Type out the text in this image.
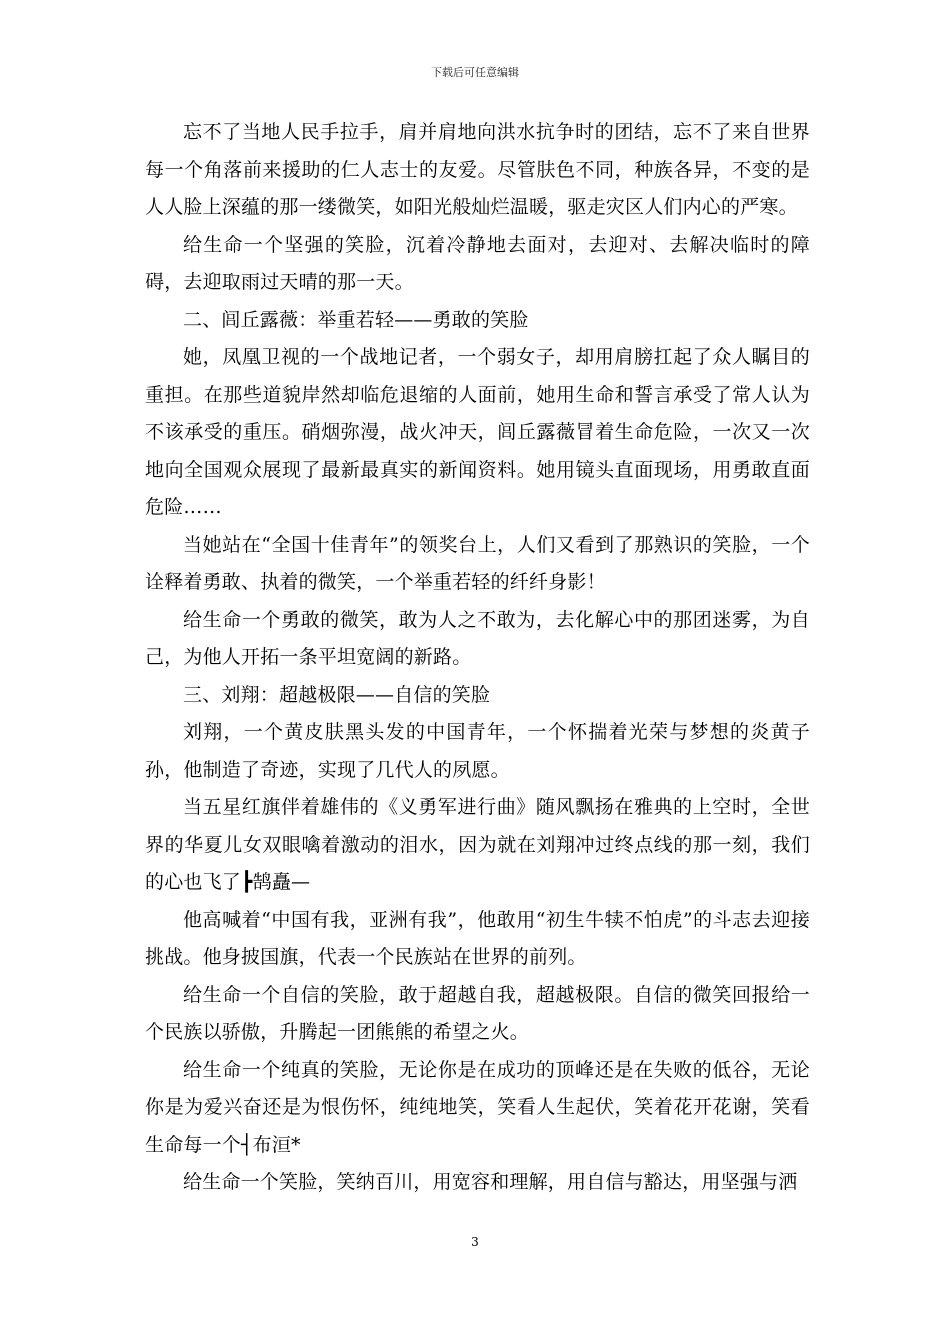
下载后可任意编辑

忘不了当地人民手拉手，肩并肩地向洪水抗争时的团结，忘不了来自世界每一个角落前来援助的仁人志士的友爱。尽管肤色不同，种族各异，不变的是人人脸上深蕴的那一缕微笑，如阳光般灿烂温暖，驱走灾区人们内心的严寒。

给生命一个坚强的笑脸，沉着冷静地去面对，去迎对、去解决临时的障碍，去迎取雨过天晴的那一天。

二、闾丘露薇：举重若轻——勇敢的笑脸

她，凤凰卫视的一个战地记者，一个弱女子，却用肩膀扛起了众人瞩目的重担。在那些道貌岸然却临危退缩的人面前，她用生命和誓言承受了常人认为不该承受的重压。硝烟弥漫，战火冲天，闾丘露薇冒着生命危险，一次又一次地向全国观众展现了最新最真实的新闻资料。她用镜头直面现场，用勇敢直面危险……

当她站在“全国十佳青年”的领奖台上，人们又看到了那熟识的笑脸，一个诠释着勇敢、执着的微笑，一个举重若轻的纤纤身影！

给生命一个勇敢的微笑，敢为人之不敢为，去化解心中的那团迷雾，为自己，为他人开拓一条平坦宽阔的新路。

三、刘翔：超越极限——自信的笑脸

刘翔，一个黄皮肤黑头发的中国青年，一个怀揣着光荣与梦想的炎黄子孙，他制造了奇迹，实现了几代人的夙愿。

当五星红旗伴着雄伟的《义勇军进行曲》随风飘扬在雅典的上空时，全世界的华夏儿女双眼噙着激动的泪水，因为就在刘翔冲过终点线的那一刻，我们的心也飞了┣鹄矗—

他高喊着“中国有我，亚洲有我”，他敢用“初生牛犊不怕虎”的斗志去迎接挑战。他身披国旗，代表一个民族站在世界的前列。

给生命一个自信的笑脸，敢于超越自我，超越极限。自信的微笑回报给一个民族以骄傲，升腾起一团熊熊的希望之火。

给生命一个纯真的笑脸，无论你是在成功的顶峰还是在失败的低谷，无论你是为爱兴奋还是为恨伤怀，纯纯地笑，笑看人生起伏，笑着花开花谢，笑看生命每一个┤布洹*

给生命一个笑脸，笑纳百川，用宽容和理解，用自信与豁达，用坚强与洒

3
